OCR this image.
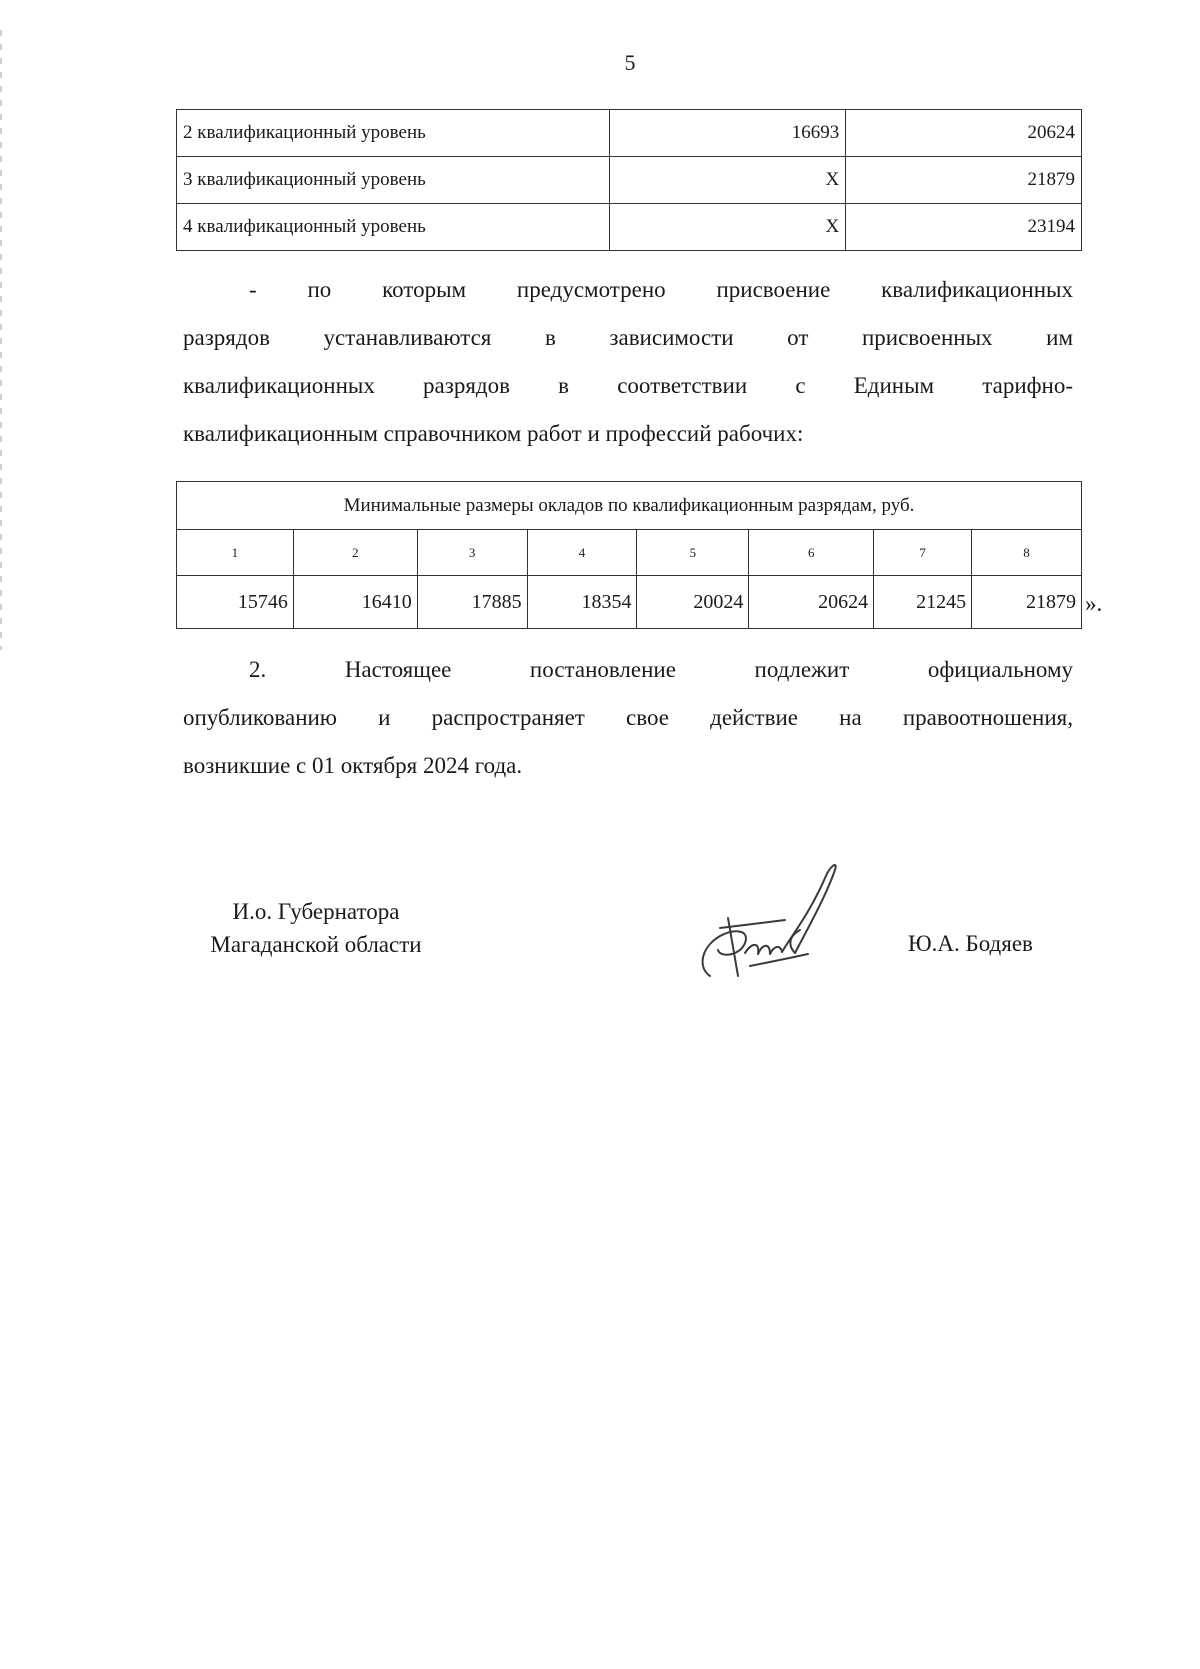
5
2 квалификационный уровень	16693	20624
3 квалификационный уровень	X	21879
4 квалификационный уровень	X	23194
- по которым предусмотрено присвоение квалификационных
разрядов устанавливаются в зависимости от присвоенных им
квалификационных разрядов в соответствии с Единым тарифно-
квалификационным справочником работ и профессий рабочих:
Минимальные размеры окладов по квалификационным разрядам, руб.							
1	2	3	4	5	6	7	8
15746	16410	17885	18354	20024	20624	21245	21879 ».
2. Настоящее постановление подлежит официальному
опубликованию и распространяет свое действие на правоотношения,
возникшие с 01 октября 2024 года.
И.о. Губернатора
Магаданской области	Ю.А. Бодяев
